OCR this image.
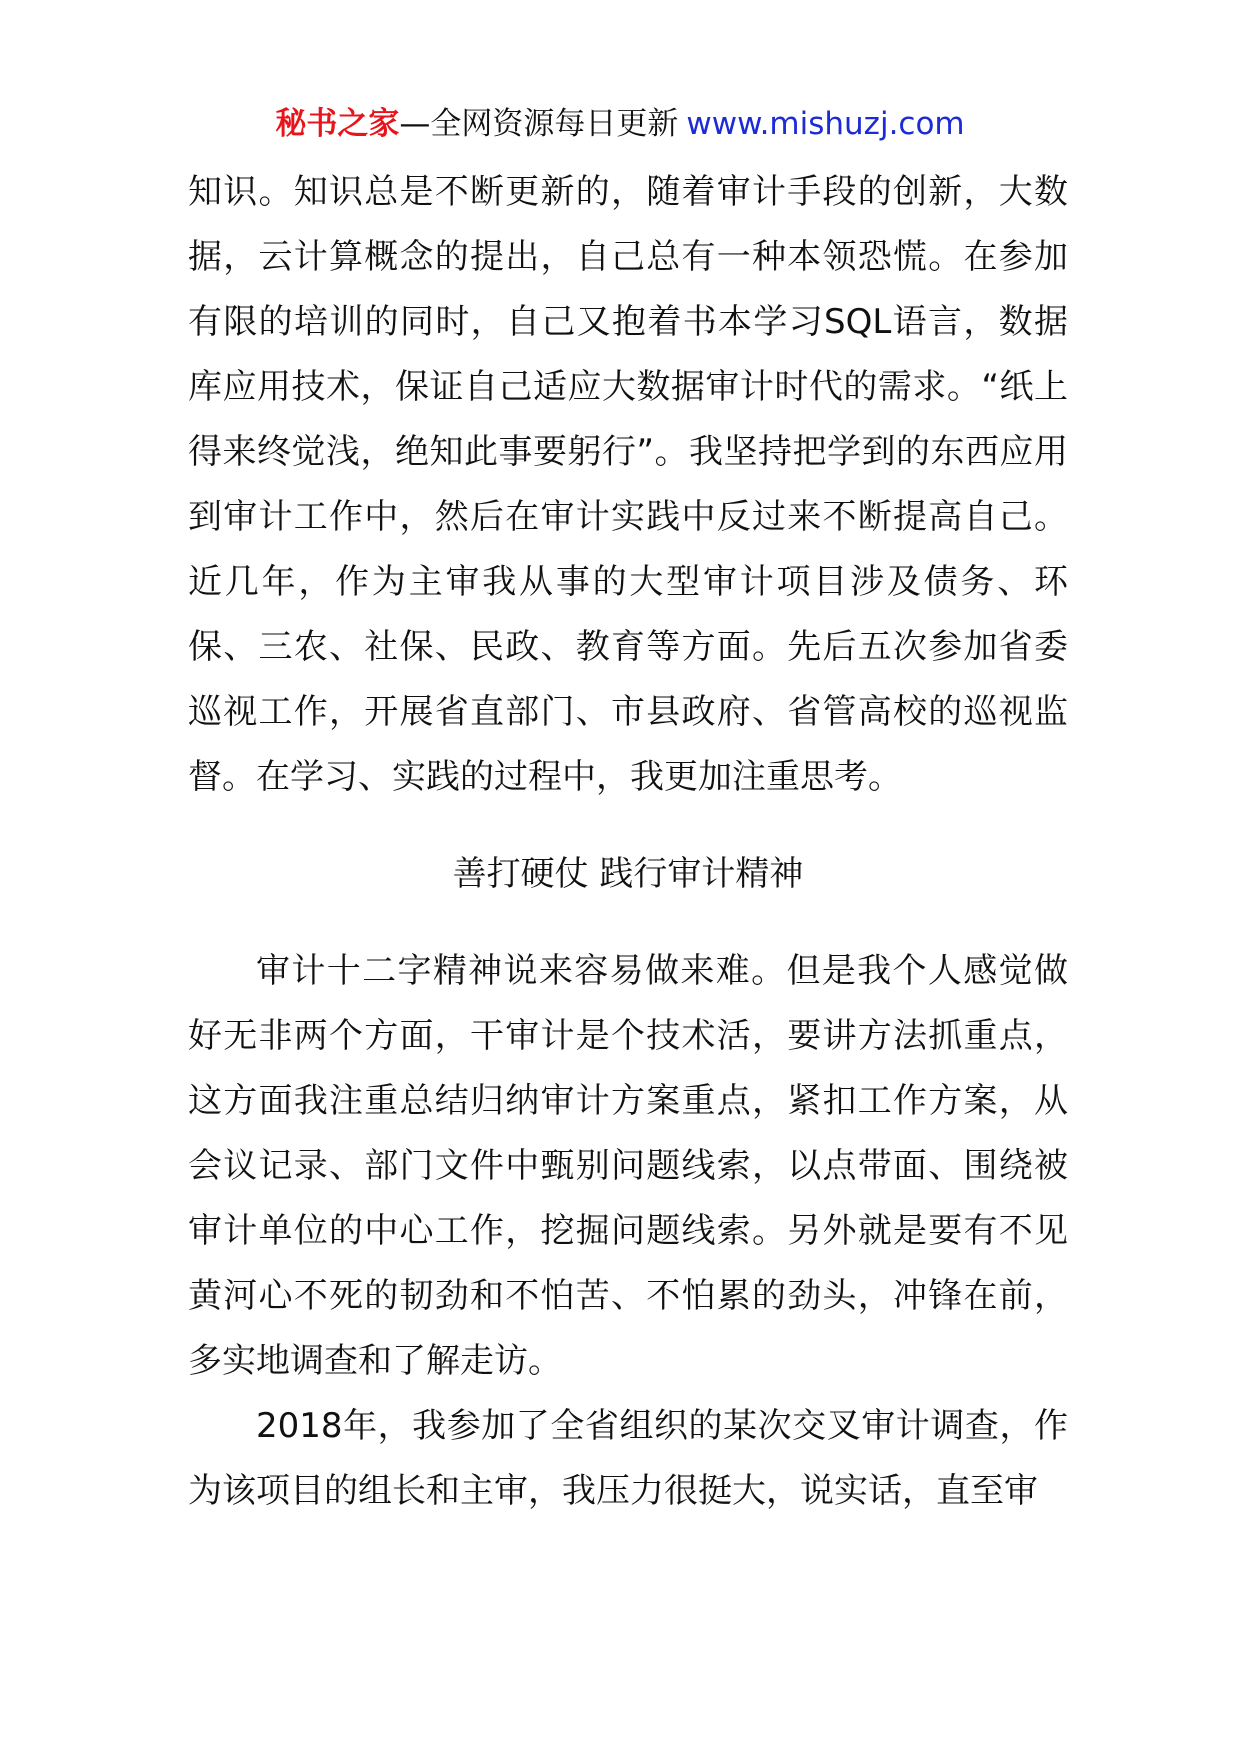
秘书之家—全网资源每日更新 www.mishuzj.com

知识。知识总是不断更新的，随着审计手段的创新，大数据，云计算概念的提出，自己总有一种本领恐慌。在参加有限的培训的同时，自己又抱着书本学习SQL语言，数据库应用技术，保证自己适应大数据审计时代的需求。“纸上得来终觉浅，绝知此事要躬行”。我坚持把学到的东西应用到审计工作中，然后在审计实践中反过来不断提高自己。近几年，作为主审我从事的大型审计项目涉及债务、环保、三农、社保、民政、教育等方面。先后五次参加省委巡视工作，开展省直部门、市县政府、省管高校的巡视监督。在学习、实践的过程中，我更加注重思考。

善打硬仗 践行审计精神

审计十二字精神说来容易做来难。但是我个人感觉做好无非两个方面，干审计是个技术活，要讲方法抓重点，这方面我注重总结归纳审计方案重点，紧扣工作方案，从会议记录、部门文件中甄别问题线索，以点带面、围绕被审计单位的中心工作，挖掘问题线索。另外就是要有不见黄河心不死的韧劲和不怕苦、不怕累的劲头，冲锋在前，多实地调查和了解走访。

2018年，我参加了全省组织的某次交叉审计调查，作为该项目的组长和主审，我压力很挺大，说实话，直至审
